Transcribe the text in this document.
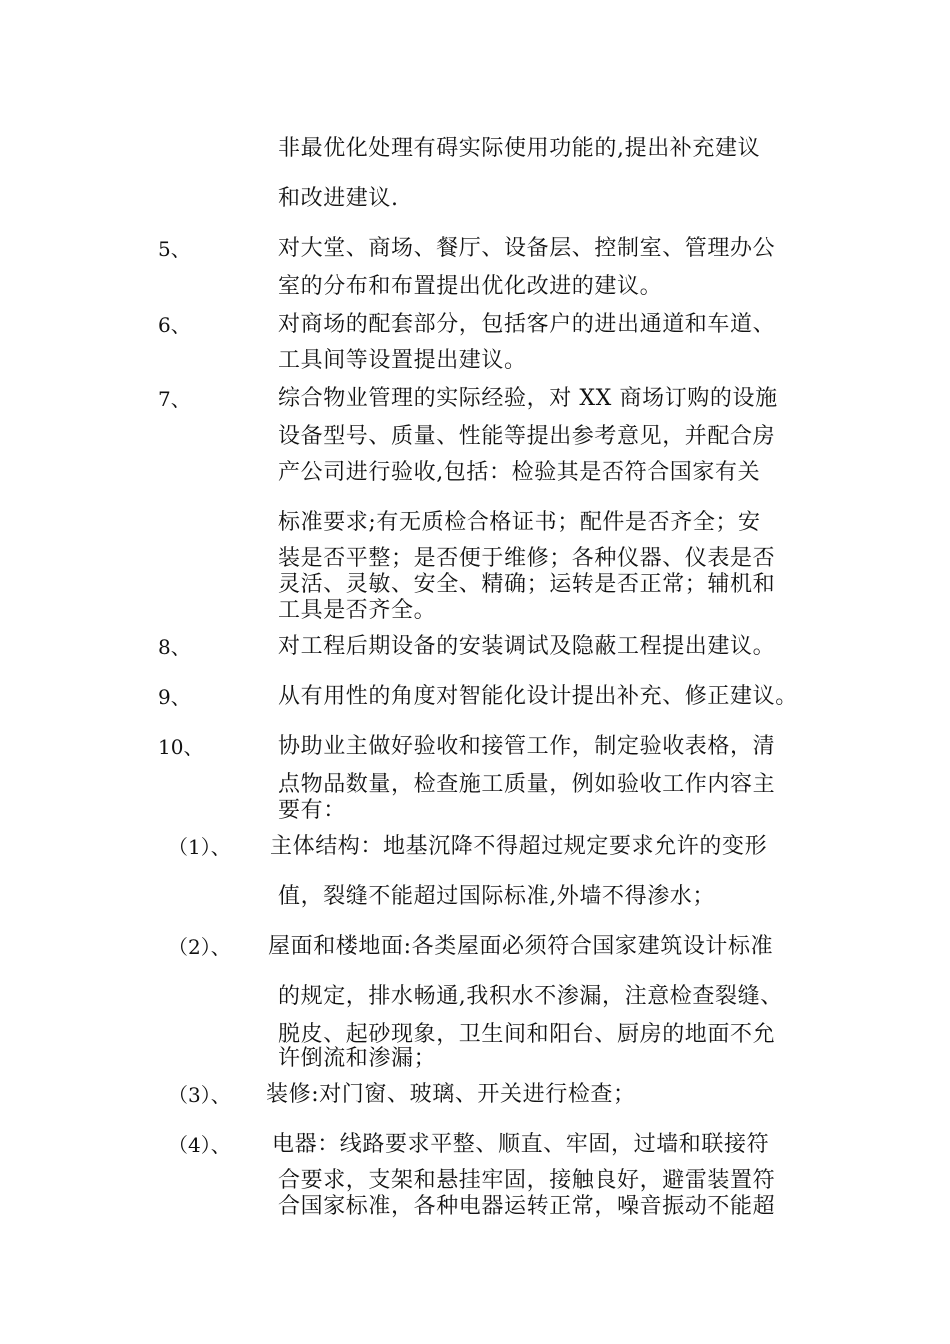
非最优化处理有碍实际使用功能的,提出补充建议
和改进建议.
5、	对大堂、商场、餐厅、设备层、控制室、管理办公
室的分布和布置提出优化改进的建议。
6、	对商场的配套部分，包括客户的进出通道和车道、
工具间等设置提出建议。
7、	综合物业管理的实际经验，对 XX 商场订购的设施
设备型号、质量、性能等提出参考意见，并配合房
产公司进行验收,包括：检验其是否符合国家有关
标准要求;有无质检合格证书；配件是否齐全；安
装是否平整；是否便于维修；各种仪器、仪表是否
灵活、灵敏、安全、精确；运转是否正常；辅机和
工具是否齐全。
8、	对工程后期设备的安装调试及隐蔽工程提出建议。
9、	从有用性的角度对智能化设计提出补充、修正建议。
10、	协助业主做好验收和接管工作，制定验收表格，清
点物品数量，检查施工质量，例如验收工作内容主
要有：
（1）、 主体结构：地基沉降不得超过规定要求允许的变形
值，裂缝不能超过国际标准,外墙不得渗水；
（2）、 屋面和楼地面:各类屋面必须符合国家建筑设计标准
的规定，排水畅通,我积水不渗漏，注意检查裂缝、
脱皮、起砂现象，卫生间和阳台、厨房的地面不允
许倒流和渗漏；
（3）、 装修:对门窗、玻璃、开关进行检查；
（4）、 电器：线路要求平整、顺直、牢固，过墙和联接符
合要求，支架和悬挂牢固，接触良好，避雷装置符
合国家标准，各种电器运转正常，噪音振动不能超
